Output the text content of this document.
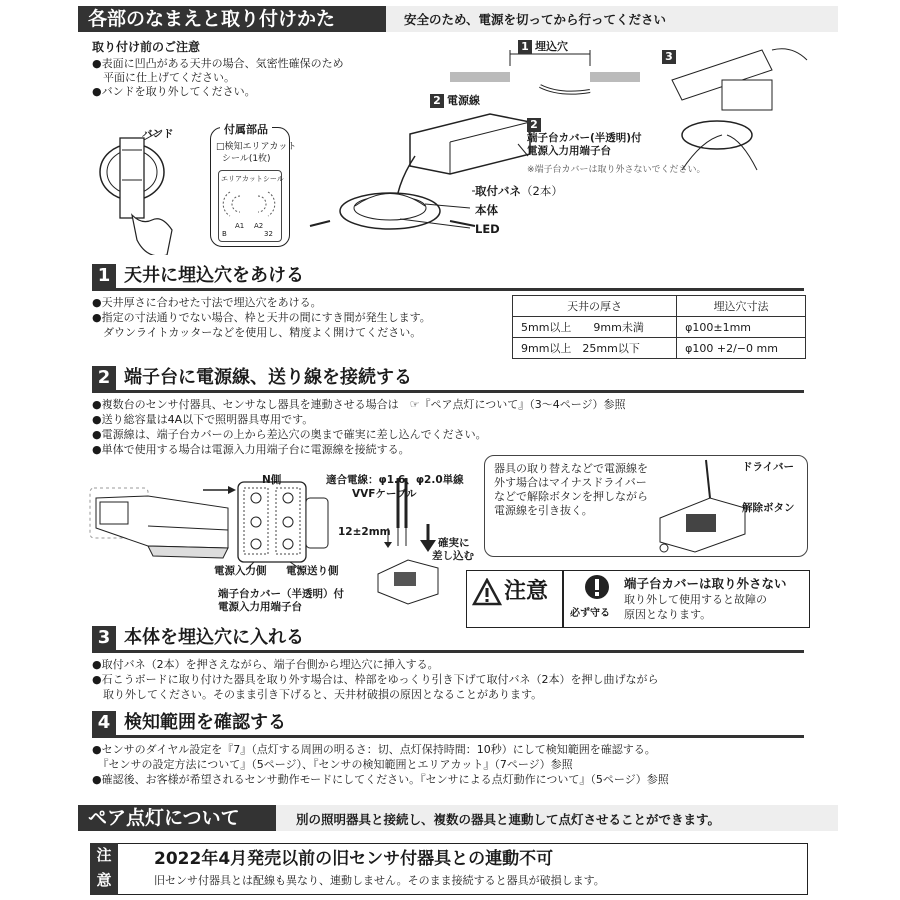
各部のなまえと取り付けかた	安全のため、電源を切ってから行ってください
取り付け前のご注意
●表面に凹凸がある天井の場合、気密性確保のため
　平面に仕上げてください。
●バンドを取り外してください。
バンド	付属部品
□検知エリアカット
シール(1枚)
エリアカットシール
A1 A2
B	32
1 埋込穴
2 電源線
2
端子台カバー(半透明)付
電源入力用端子台
※端子台カバーは取り外さないでください。
取付バネ（2本）
本体
LED
3
1 天井に埋込穴をあける
●天井厚さに合わせた寸法で埋込穴をあける。
●指定の寸法通りでない場合、枠と天井の間にすき間が発生します。
　ダウンライトカッターなどを使用し、精度よく開けてください。
天井の厚さ	埋込穴寸法
5mm以上　　9mm未満	φ100±1mm
9mm以上　25mm以下	φ100 +2/−0 mm
2 端子台に電源線、送り線を接続する
●複数台のセンサ付器具、センサなし器具を連動させる場合は　☞『ペア点灯について』（3〜4ページ）参照
●送り総容量は4A以下で照明器具専用です。
●電源線は、端子台カバーの上から差込穴の奥まで確実に差し込んでください。
●単体で使用する場合は電源入力用端子台に電源線を接続する。
N側	適合電線：φ1.6、φ2.0単線
VVFケーブル
12±2mm
確実に
差し込む
電源入力側 電源送り側
端子台カバー（半透明）付
電源入力用端子台
器具の取り替えなどで電源線を
外す場合はマイナスドライバー
などで解除ボタンを押しながら
電源線を引き抜く。
ドライバー
解除ボタン
注意
必ず守る
端子台カバーは取り外さない
取り外して使用すると故障の
原因となります。
3 本体を埋込穴に入れる
●取付バネ（2本）を押さえながら、端子台側から埋込穴に挿入する。
●石こうボードに取り付けた器具を取り外す場合は、枠部をゆっくり引き下げて取付バネ（2本）を押し曲げながら
　取り外してください。そのまま引き下げると、天井材破損の原因となることがあります。
4 検知範囲を確認する
●センサのダイヤル設定を『7』（点灯する周囲の明るさ：切、点灯保持時間：10秒）にして検知範囲を確認する。
　『センサの設定方法について』（5ページ）、『センサの検知範囲とエリアカット』（7ページ）参照
●確認後、お客様が希望されるセンサ動作モードにしてください。『センサによる点灯動作について』（5ページ）参照
ペア点灯について	別の照明器具と接続し、複数の器具と連動して点灯させることができます。
注
意
2022年4月発売以前の旧センサ付器具との連動不可
旧センサ付器具とは配線も異なり、連動しません。そのまま接続すると器具が破損します。
